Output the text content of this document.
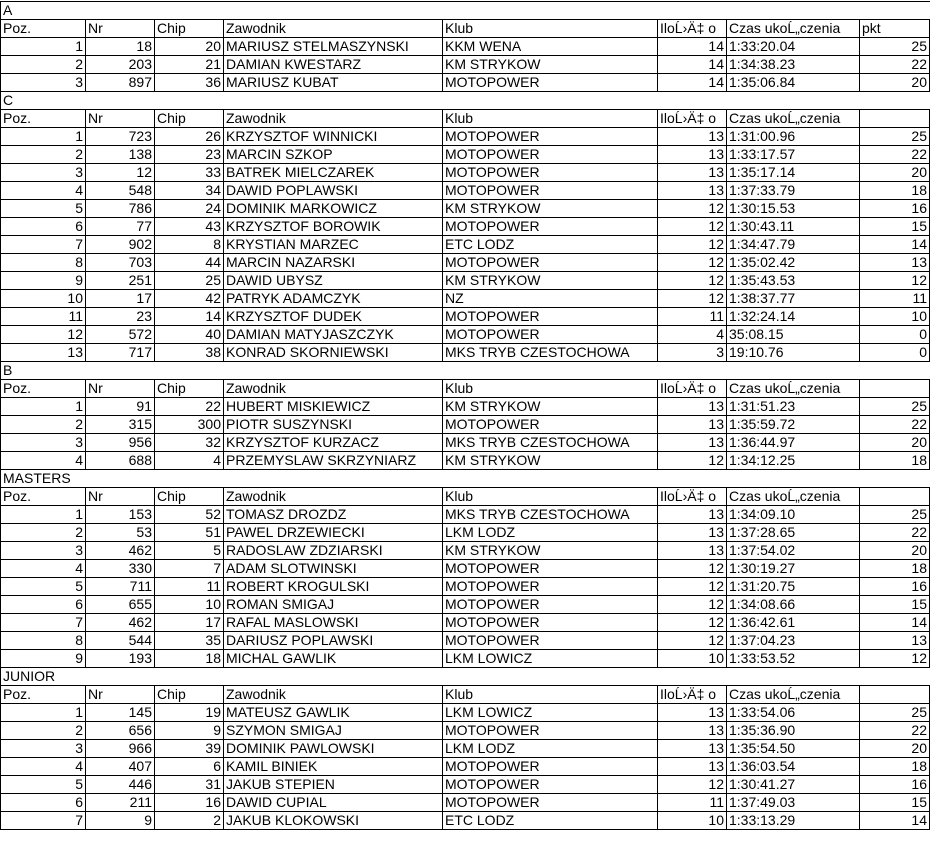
A							
Poz.	Nr	Chip	Zawodnik	Klub	IloĹ›Ä‡ o	Czas ukoĹ„czenia	pkt
1	18	20	MARIUSZ STELMASZYNSKI	KKM WENA	14	1:33:20.04	25
2	203	21	DAMIAN KWESTARZ	KM STRYKOW	14	1:34:38.23	22
3	897	36	MARIUSZ KUBAT	MOTOPOWER	14	1:35:06.84	20
C							
Poz.	Nr	Chip	Zawodnik	Klub	IloĹ›Ä‡ o	Czas ukoĹ„czenia	
1	723	26	KRZYSZTOF WINNICKI	MOTOPOWER	13	1:31:00.96	25
2	138	23	MARCIN SZKOP	MOTOPOWER	13	1:33:17.57	22
3	12	33	BATREK MIELCZAREK	MOTOPOWER	13	1:35:17.14	20
4	548	34	DAWID POPLAWSKI	MOTOPOWER	13	1:37:33.79	18
5	786	24	DOMINIK MARKOWICZ	KM STRYKOW	12	1:30:15.53	16
6	77	43	KRZYSZTOF BOROWIK	MOTOPOWER	12	1:30:43.11	15
7	902	8	KRYSTIAN MARZEC	ETC LODZ	12	1:34:47.79	14
8	703	44	MARCIN NAZARSKI	MOTOPOWER	12	1:35:02.42	13
9	251	25	DAWID UBYSZ	KM STRYKOW	12	1:35:43.53	12
10	17	42	PATRYK ADAMCZYK	NZ	12	1:38:37.77	11
11	23	14	KRZYSZTOF DUDEK	MOTOPOWER	11	1:32:24.14	10
12	572	40	DAMIAN MATYJASZCZYK	MOTOPOWER	4	35:08.15	0
13	717	38	KONRAD SKORNIEWSKI	MKS TRYB CZESTOCHOWA	3	19:10.76	0
B							
Poz.	Nr	Chip	Zawodnik	Klub	IloĹ›Ä‡ o	Czas ukoĹ„czenia	
1	91	22	HUBERT MISKIEWICZ	KM STRYKOW	13	1:31:51.23	25
2	315	300	PIOTR SUSZYNSKI	MOTOPOWER	13	1:35:59.72	22
3	956	32	KRZYSZTOF KURZACZ	MKS TRYB CZESTOCHOWA	13	1:36:44.97	20
4	688	4	PRZEMYSLAW SKRZYNIARZ	KM STRYKOW	12	1:34:12.25	18
MASTERS							
Poz.	Nr	Chip	Zawodnik	Klub	IloĹ›Ä‡ o	Czas ukoĹ„czenia	
1	153	52	TOMASZ DROZDZ	MKS TRYB CZESTOCHOWA	13	1:34:09.10	25
2	53	51	PAWEL DRZEWIECKI	LKM LODZ	13	1:37:28.65	22
3	462	5	RADOSLAW ZDZIARSKI	KM STRYKOW	13	1:37:54.02	20
4	330	7	ADAM SLOTWINSKI	MOTOPOWER	12	1:30:19.27	18
5	711	11	ROBERT KROGULSKI	MOTOPOWER	12	1:31:20.75	16
6	655	10	ROMAN SMIGAJ	MOTOPOWER	12	1:34:08.66	15
7	462	17	RAFAL MASLOWSKI	MOTOPOWER	12	1:36:42.61	14
8	544	35	DARIUSZ POPLAWSKI	MOTOPOWER	12	1:37:04.23	13
9	193	18	MICHAL GAWLIK	LKM LOWICZ	10	1:33:53.52	12
JUNIOR							
Poz.	Nr	Chip	Zawodnik	Klub	IloĹ›Ä‡ o	Czas ukoĹ„czenia	
1	145	19	MATEUSZ GAWLIK	LKM LOWICZ	13	1:33:54.06	25
2	656	9	SZYMON SMIGAJ	MOTOPOWER	13	1:35:36.90	22
3	966	39	DOMINIK PAWLOWSKI	LKM LODZ	13	1:35:54.50	20
4	407	6	KAMIL BINIEK	MOTOPOWER	13	1:36:03.54	18
5	446	31	JAKUB STEPIEN	MOTOPOWER	12	1:30:41.27	16
6	211	16	DAWID CUPIAL	MOTOPOWER	11	1:37:49.03	15
7	9	2	JAKUB KLOKOWSKI	ETC LODZ	10	1:33:13.29	14
